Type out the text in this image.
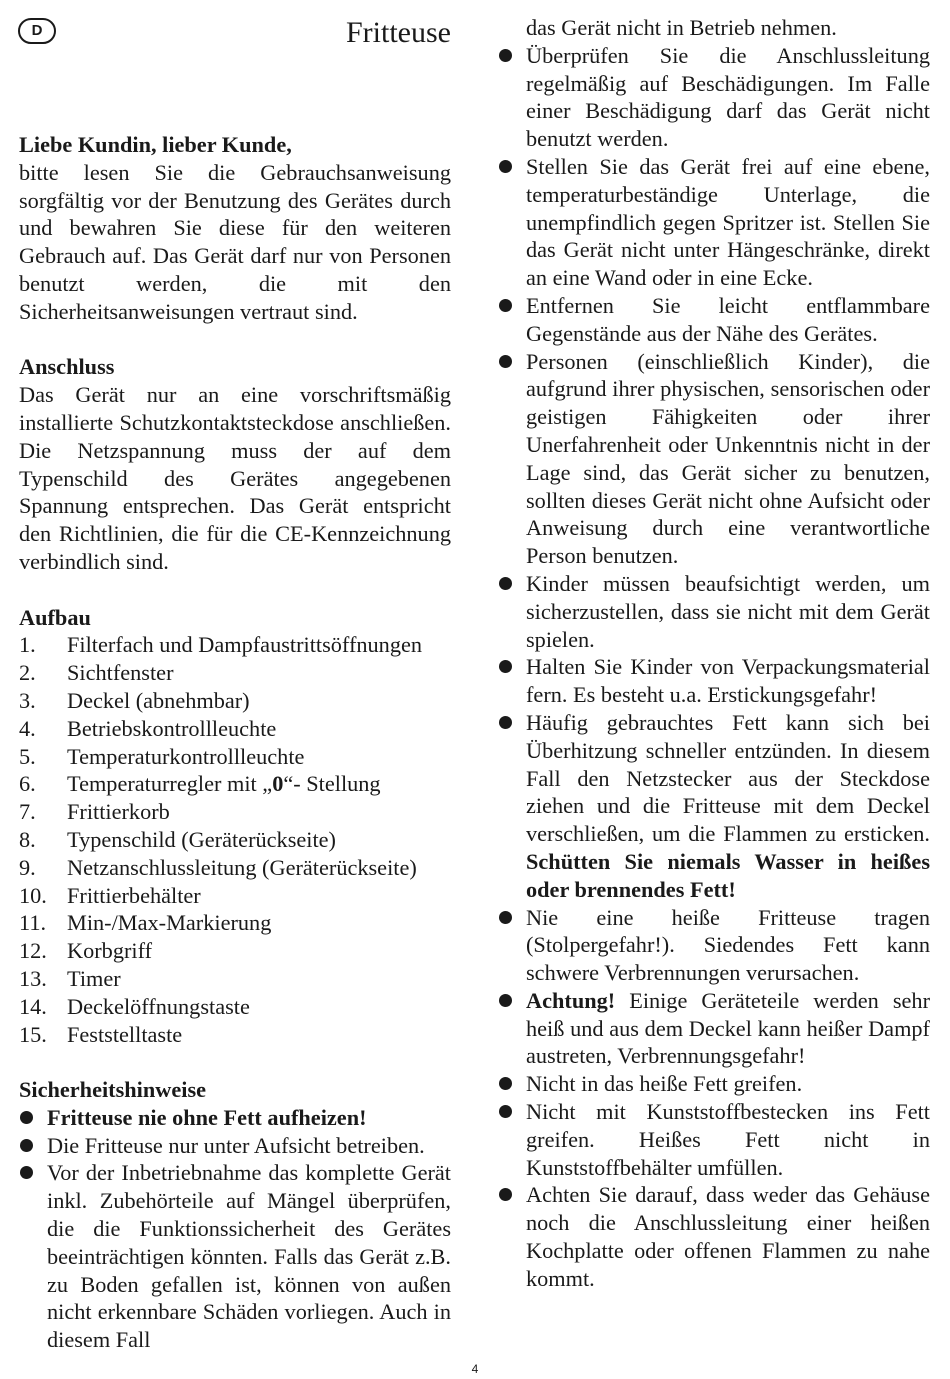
D	Fritteuse
Liebe Kundin, lieber Kunde,
bitte lesen Sie die Gebrauchsanweisung sorgfältig vor der Benutzung des Gerätes durch und bewahren Sie diese für den weiteren Gebrauch auf. Das Gerät darf nur von Personen benutzt werden, die mit den Sicherheitsanweisungen vertraut sind.
Anschluss
Das Gerät nur an eine vorschriftsmäßig installierte Schutzkontaktsteckdose anschließen. Die Netzspannung muss der auf dem Typenschild des Gerätes angegebenen Spannung entsprechen. Das Gerät entspricht den Richtlinien, die für die CE-Kennzeichnung verbindlich sind.
Aufbau
1.	Filterfach und Dampfaustrittsöffnungen
2.	Sichtfenster
3.	Deckel (abnehmbar)
4.	Betriebskontrollleuchte
5.	Temperaturkontrollleuchte
6.	Temperaturregler mit „0“- Stellung
7.	Frittierkorb
8.	Typenschild (Geräterückseite)
9.	Netzanschlussleitung (Geräterückseite)
10. Frittierbehälter
11. Min-/Max-Markierung
12. Korbgriff
13. Timer
14. Deckelöffnungstaste
15. Feststelltaste
Sicherheitshinweise
Fritteuse nie ohne Fett aufheizen!
Die Fritteuse nur unter Aufsicht betreiben.
Vor der Inbetriebnahme das komplette Gerät inkl. Zubehörteile auf Mängel überprüfen, die die Funktionssicherheit des Gerätes beeinträchtigen könnten. Falls das Gerät z.B. zu Boden gefallen ist, können von außen nicht erkennbare Schäden vorliegen. Auch in diesem Fall
das Gerät nicht in Betrieb nehmen.
Überprüfen Sie die Anschlussleitung regelmäßig auf Beschädigungen. Im Falle einer Beschädigung darf das Gerät nicht benutzt werden.
Stellen Sie das Gerät frei auf eine ebene, temperaturbeständige Unterlage, die unempfindlich gegen Spritzer ist. Stellen Sie das Gerät nicht unter Hängeschränke, direkt an eine Wand oder in eine Ecke.
Entfernen Sie leicht entflammbare Gegenstände aus der Nähe des Gerätes.
Personen (einschließlich Kinder), die aufgrund ihrer physischen, sensorischen oder geistigen Fähigkeiten oder ihrer Unerfahrenheit oder Unkenntnis nicht in der Lage sind, das Gerät sicher zu benutzen, sollten dieses Gerät nicht ohne Aufsicht oder Anweisung durch eine verantwortliche Person benutzen.
Kinder müssen beaufsichtigt werden, um sicherzustellen, dass sie nicht mit dem Gerät spielen.
Halten Sie Kinder von Verpackungsmaterial fern. Es besteht u.a. Erstickungsgefahr!
Häufig gebrauchtes Fett kann sich bei Überhitzung schneller entzünden. In diesem Fall den Netzstecker aus der Steckdose ziehen und die Fritteuse mit dem Deckel verschließen, um die Flammen zu ersticken. Schütten Sie niemals Wasser in heißes oder brennendes Fett!
Nie eine heiße Fritteuse tragen (Stolpergefahr!). Siedendes Fett kann schwere Verbrennungen verursachen.
Achtung! Einige Geräteteile werden sehr heiß und aus dem Deckel kann heißer Dampf austreten, Verbrennungsgefahr!
Nicht in das heiße Fett greifen.
Nicht mit Kunststoffbestecken ins Fett greifen. Heißes Fett nicht in Kunststoffbehälter umfüllen.
Achten Sie darauf, dass weder das Gehäuse noch die Anschlussleitung einer heißen Kochplatte oder offenen Flammen zu nahe kommt.
4
